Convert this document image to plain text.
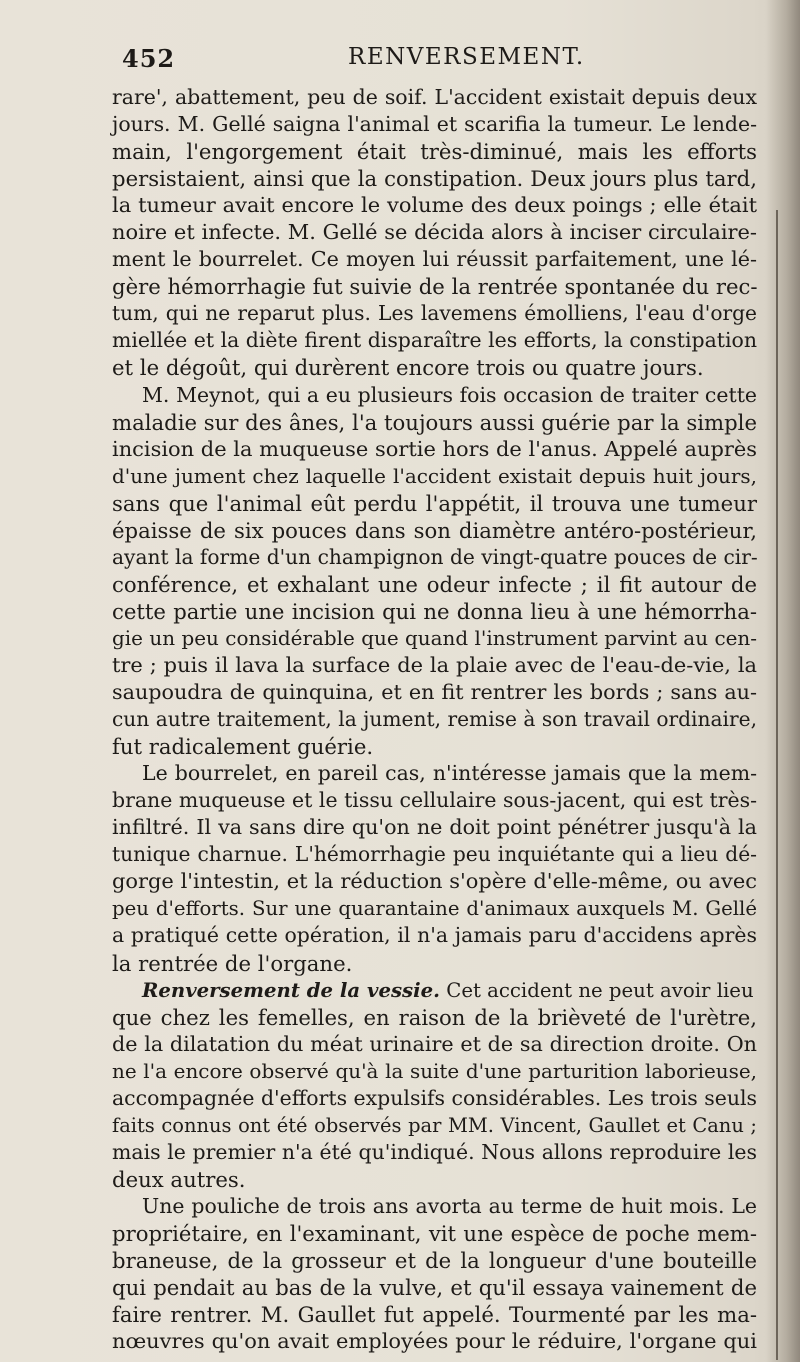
452	RENVERSEMENT.
rare', abattement, peu de soif. L'accident existait depuis deux
jours. M. Gellé saigna l'animal et scarifia la tumeur. Le lende-
main, l'engorgement était très-diminué, mais les efforts
persistaient, ainsi que la constipation. Deux jours plus tard,
la tumeur avait encore le volume des deux poings ; elle était
noire et infecte. M. Gellé se décida alors à inciser circulaire-
ment le bourrelet. Ce moyen lui réussit parfaitement, une lé-
gère hémorrhagie fut suivie de la rentrée spontanée du rec-
tum, qui ne reparut plus. Les lavemens émolliens, l'eau d'orge
miellée et la diète firent disparaître les efforts, la constipation
et le dégoût, qui durèrent encore trois ou quatre jours.
M. Meynot, qui a eu plusieurs fois occasion de traiter cette
maladie sur des ânes, l'a toujours aussi guérie par la simple
incision de la muqueuse sortie hors de l'anus. Appelé auprès
d'une jument chez laquelle l'accident existait depuis huit jours,
sans que l'animal eût perdu l'appétit, il trouva une tumeur
épaisse de six pouces dans son diamètre antéro-postérieur,
ayant la forme d'un champignon de vingt-quatre pouces de cir-
conférence, et exhalant une odeur infecte ; il fit autour de
cette partie une incision qui ne donna lieu à une hémorrha-
gie un peu considérable que quand l'instrument parvint au cen-
tre ; puis il lava la surface de la plaie avec de l'eau-de-vie, la
saupoudra de quinquina, et en fit rentrer les bords ; sans au-
cun autre traitement, la jument, remise à son travail ordinaire,
fut radicalement guérie.
Le bourrelet, en pareil cas, n'intéresse jamais que la mem-
brane muqueuse et le tissu cellulaire sous-jacent, qui est très-
infiltré. Il va sans dire qu'on ne doit point pénétrer jusqu'à la
tunique charnue. L'hémorrhagie peu inquiétante qui a lieu dé-
gorge l'intestin, et la réduction s'opère d'elle-même, ou avec
peu d'efforts. Sur une quarantaine d'animaux auxquels M. Gellé
a pratiqué cette opération, il n'a jamais paru d'accidens après
la rentrée de l'organe.
Renversement de la vessie. Cet accident ne peut avoir lieu
que chez les femelles, en raison de la brièveté de l'urètre,
de la dilatation du méat urinaire et de sa direction droite. On
ne l'a encore observé qu'à la suite d'une parturition laborieuse,
accompagnée d'efforts expulsifs considérables. Les trois seuls
faits connus ont été observés par MM. Vincent, Gaullet et Canu ;
mais le premier n'a été qu'indiqué. Nous allons reproduire les
deux autres.
Une pouliche de trois ans avorta au terme de huit mois. Le
propriétaire, en l'examinant, vit une espèce de poche mem-
braneuse, de la grosseur et de la longueur d'une bouteille
qui pendait au bas de la vulve, et qu'il essaya vainement de
faire rentrer. M. Gaullet fut appelé. Tourmenté par les ma-
nœuvres qu'on avait employées pour le réduire, l'organe qui
